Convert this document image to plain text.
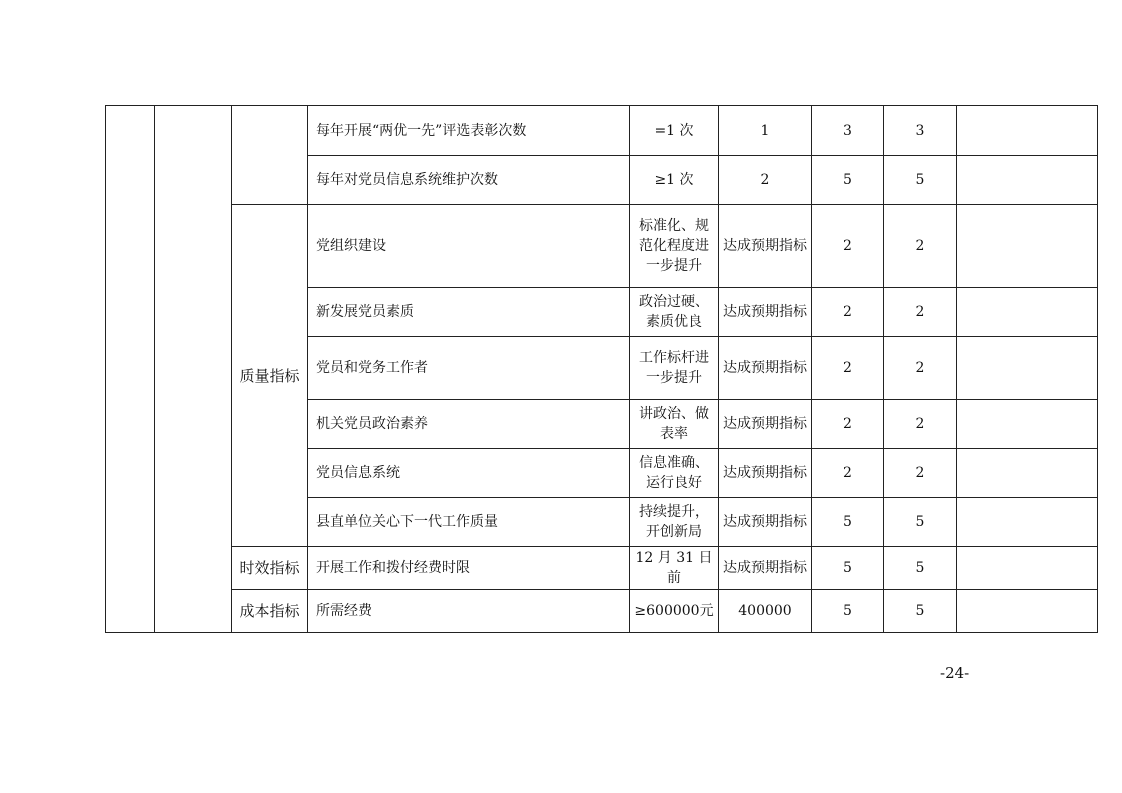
			每年开展“两优一先”评选表彰次数	=1 次	1	3	3	
			每年对党员信息系统维护次数	≥1 次	2	5	5	
		质量指标	党组织建设	标准化、规范化程度进一步提升	达成预期指标	2	2	
			新发展党员素质	政治过硬、素质优良	达成预期指标	2	2	
			党员和党务工作者	工作标杆进一步提升	达成预期指标	2	2	
			机关党员政治素养	讲政治、做表率	达成预期指标	2	2	
			党员信息系统	信息准确、运行良好	达成预期指标	2	2	
			县直单位关心下一代工作质量	持续提升，开创新局	达成预期指标	5	5	
		时效指标	开展工作和拨付经费时限	12 月 31 日前	达成预期指标	5	5	
		成本指标	所需经费	≥600000元	400000	5	5	
-24-
